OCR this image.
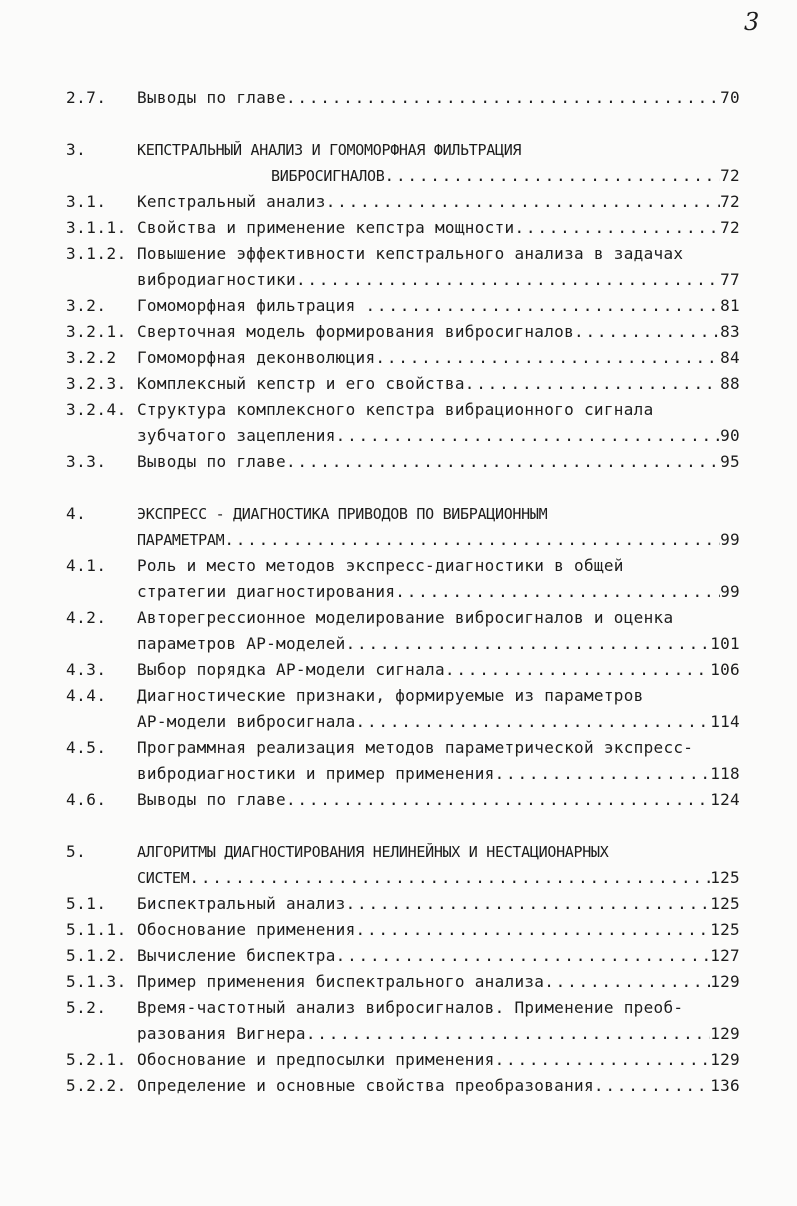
3
2.7. Выводы по главе .....	70
3.	КЕПСТРАЛЬНЫЙ АНАЛИЗ И ГОМОМОРФНАЯ ФИЛЬТРАЦИЯ
ВИБРОСИГНАЛОВ .....	72
3.1. Кепстральный анализ .....	72
3.1.1. Свойства и применение кепстра мощности .....	72
3.1.2. Повышение эффективности кепстрального анализа в задачах
вибродиагностики .....	77
3.2. Гомоморфная фильтрация .....	81
3.2.1. Сверточная модель формирования вибросигналов .....	83
3.2.2 Гомоморфная деконволюция .....	84
3.2.3. Комплексный кепстр и его свойства .....	88
3.2.4. Структура комплексного кепстра вибрационного сигнала
зубчатого зацепления .....	90
3.3. Выводы по главе .....	95
4.	ЭКСПРЕСС - ДИАГНОСТИКА ПРИВОДОВ ПО ВИБРАЦИОННЫМ
ПАРАМЕТРАМ .....	99
4.1. Роль и место методов экспресс-диагностики в общей
стратегии диагностирования .....	99
4.2. Авторегрессионное моделирование вибросигналов и оценка
параметров АР-моделей .....	101
4.3. Выбор порядка АР-модели сигнала .....	106
4.4. Диагностические признаки, формируемые из параметров
АР-модели вибросигнала .....	114
4.5. Программная реализация методов параметрической экспресс-
вибродиагностики и пример применения .....	118
4.6. Выводы по главе .....	124
5.	АЛГОРИТМЫ ДИАГНОСТИРОВАНИЯ НЕЛИНЕЙНЫХ И НЕСТАЦИОНАРНЫХ
СИСТЕМ .....	125
5.1. Биспектральный анализ .....	125
5.1.1. Обоснование применения .....	125
5.1.2. Вычисление биспектра .....	127
5.1.3. Пример применения биспектрального анализа .....	129
5.2. Время-частотный анализ вибросигналов. Применение преоб-
разования Вигнера .....	129
5.2.1. Обоснование и предпосылки применения .....	129
5.2.2. Определение и основные свойства преобразования .....	136
